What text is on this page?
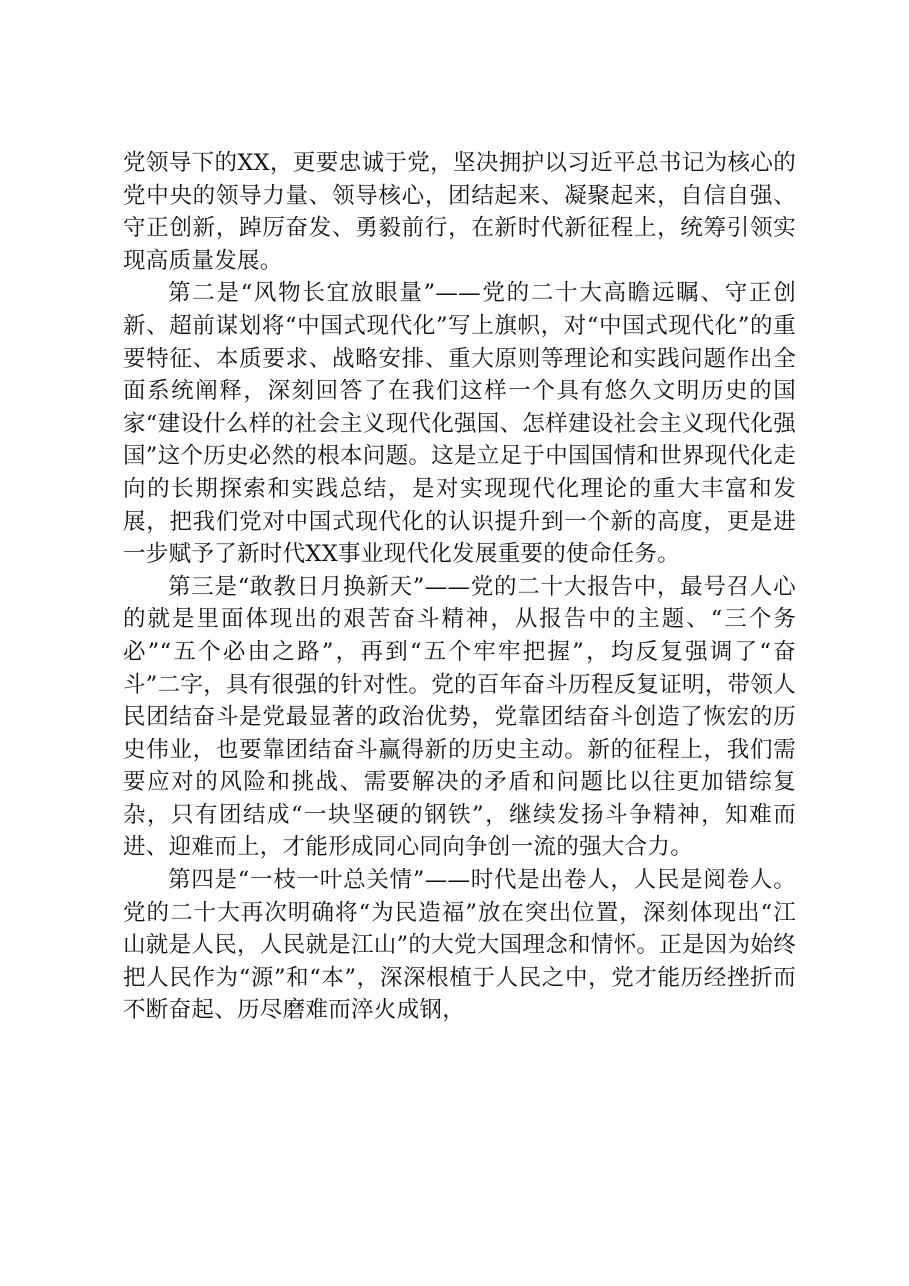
党领导下的XX，更要忠诚于党，坚决拥护以习近平总书记为核心的党中央的领导力量、领导核心，团结起来、凝聚起来，自信自强、守正创新，踔厉奋发、勇毅前行，在新时代新征程上，统筹引领实现高质量发展。

第二是“风物长宜放眼量”——党的二十大高瞻远瞩、守正创新、超前谋划将“中国式现代化”写上旗帜，对“中国式现代化”的重要特征、本质要求、战略安排、重大原则等理论和实践问题作出全面系统阐释，深刻回答了在我们这样一个具有悠久文明历史的国家“建设什么样的社会主义现代化强国、怎样建设社会主义现代化强国”这个历史必然的根本问题。这是立足于中国国情和世界现代化走向的长期探索和实践总结，是对实现现代化理论的重大丰富和发展，把我们党对中国式现代化的认识提升到一个新的高度，更是进一步赋予了新时代XX事业现代化发展重要的使命任务。

第三是“敢教日月换新天”——党的二十大报告中，最号召人心的就是里面体现出的艰苦奋斗精神，从报告中的主题、“三个务必”“五个必由之路”，再到“五个牢牢把握”，均反复强调了“奋斗”二字，具有很强的针对性。党的百年奋斗历程反复证明，带领人民团结奋斗是党最显著的政治优势，党靠团结奋斗创造了恢宏的历史伟业，也要靠团结奋斗赢得新的历史主动。新的征程上，我们需要应对的风险和挑战、需要解决的矛盾和问题比以往更加错综复杂，只有团结成“一块坚硬的钢铁”，继续发扬斗争精神，知难而进、迎难而上，才能形成同心同向争创一流的强大合力。

第四是“一枝一叶总关情”——时代是出卷人，人民是阅卷人。党的二十大再次明确将“为民造福”放在突出位置，深刻体现出“江山就是人民，人民就是江山”的大党大国理念和情怀。正是因为始终把人民作为“源”和“本”，深深根植于人民之中，党才能历经挫折而不断奋起、历尽磨难而淬火成钢，
